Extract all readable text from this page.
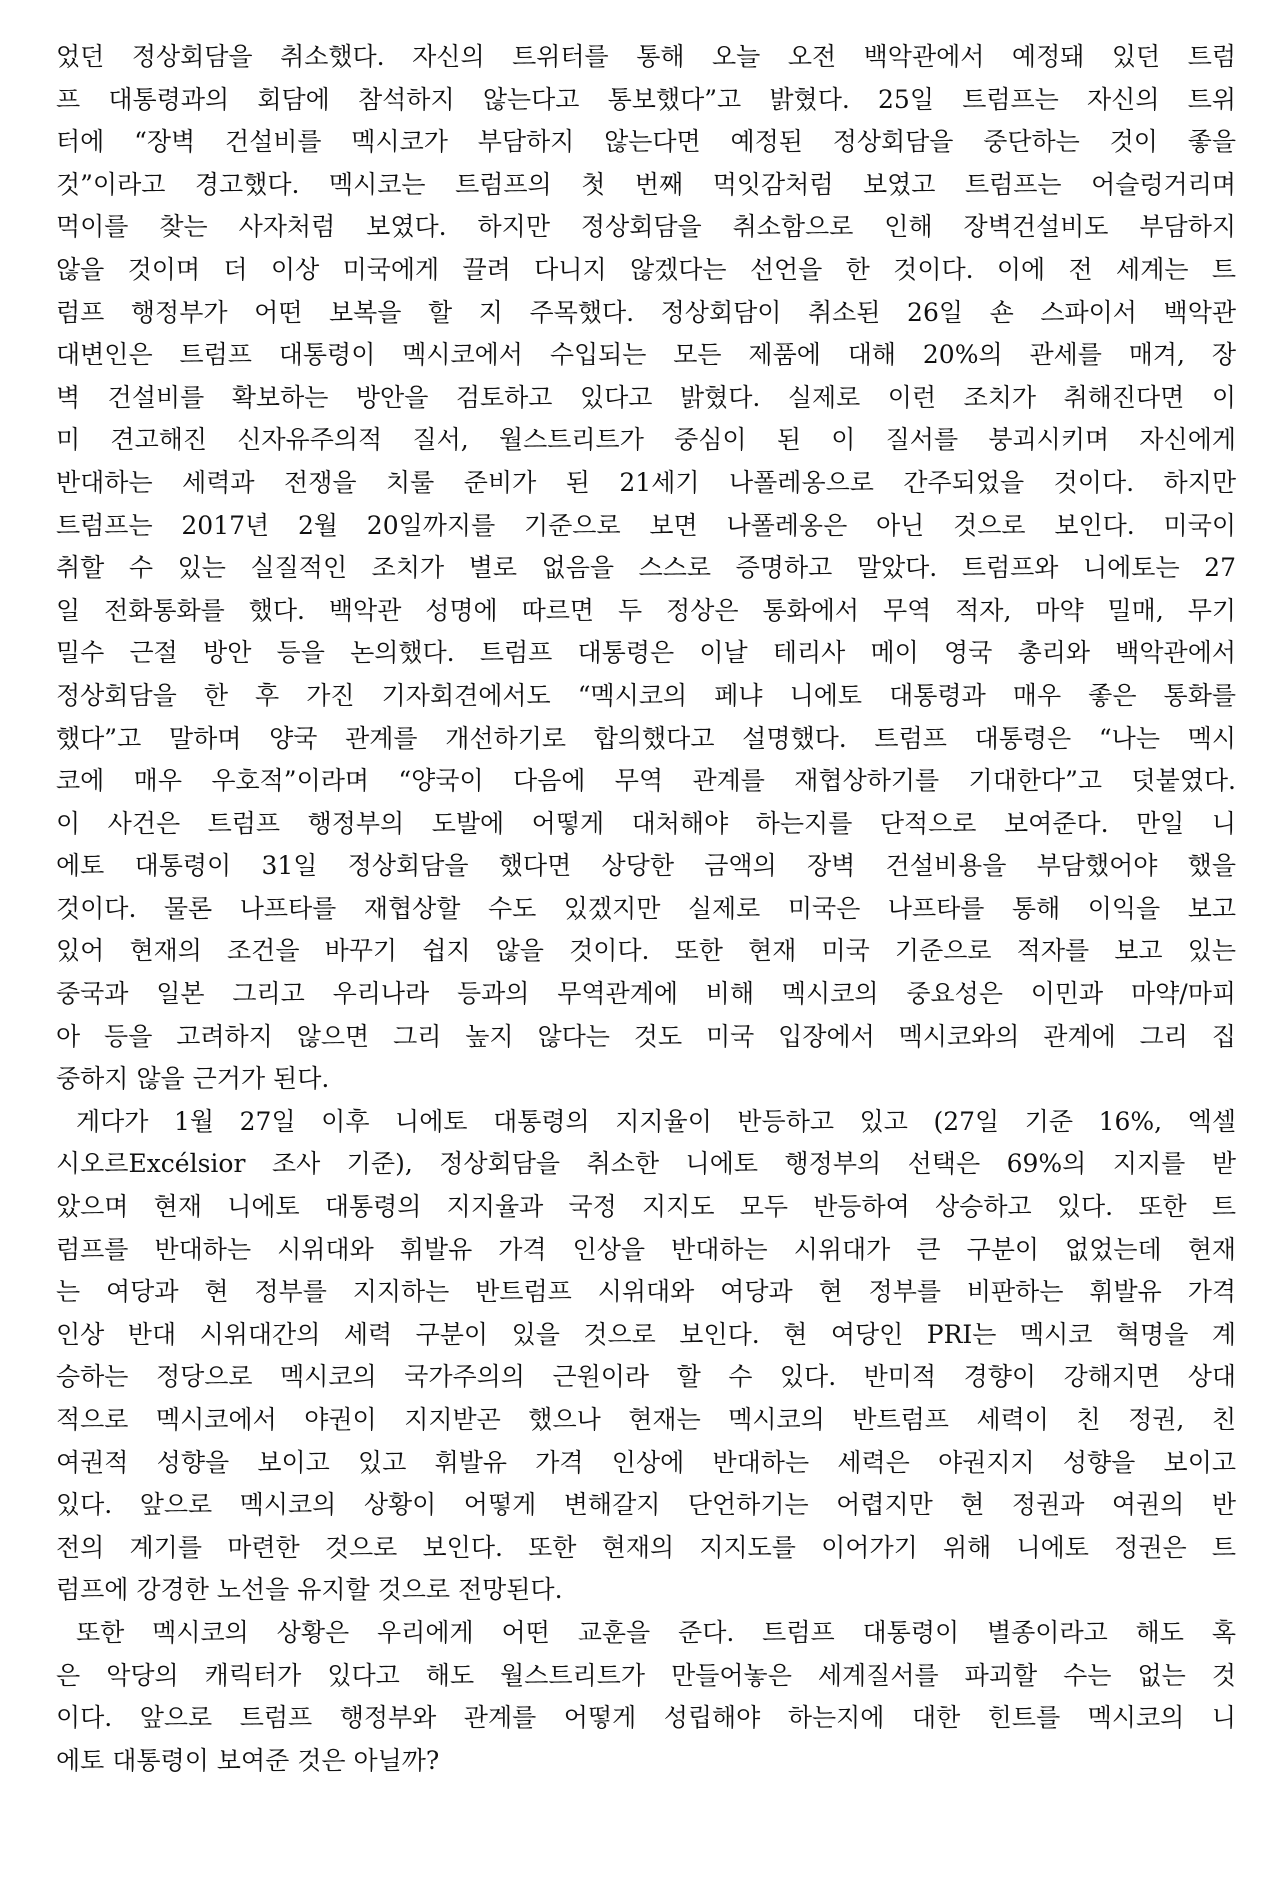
었던 정상회담을 취소했다. 자신의 트위터를 통해 오늘 오전 백악관에서 예정돼 있던 트럼
프 대통령과의 회담에 참석하지 않는다고 통보했다”고 밝혔다. 25일 트럼프는 자신의 트위
터에 “장벽 건설비를 멕시코가 부담하지 않는다면 예정된 정상회담을 중단하는 것이 좋을
것”이라고 경고했다. 멕시코는 트럼프의 첫 번째 먹잇감처럼 보였고 트럼프는 어슬렁거리며
먹이를 찾는 사자처럼 보였다. 하지만 정상회담을 취소함으로 인해 장벽건설비도 부담하지
않을 것이며 더 이상 미국에게 끌려 다니지 않겠다는 선언을 한 것이다. 이에 전 세계는 트
럼프 행정부가 어떤 보복을 할 지 주목했다. 정상회담이 취소된 26일 숀 스파이서 백악관
대변인은 트럼프 대통령이 멕시코에서 수입되는 모든 제품에 대해 20%의 관세를 매겨, 장
벽 건설비를 확보하는 방안을 검토하고 있다고 밝혔다. 실제로 이런 조치가 취해진다면 이
미 견고해진 신자유주의적 질서, 월스트리트가 중심이 된 이 질서를 붕괴시키며 자신에게
반대하는 세력과 전쟁을 치룰 준비가 된 21세기 나폴레옹으로 간주되었을 것이다. 하지만
트럼프는 2017년 2월 20일까지를 기준으로 보면 나폴레옹은 아닌 것으로 보인다. 미국이
취할 수 있는 실질적인 조치가 별로 없음을 스스로 증명하고 말았다. 트럼프와 니에토는 27
일 전화통화를 했다. 백악관 성명에 따르면 두 정상은 통화에서 무역 적자, 마약 밀매, 무기
밀수 근절 방안 등을 논의했다. 트럼프 대통령은 이날 테리사 메이 영국 총리와 백악관에서
정상회담을 한 후 가진 기자회견에서도 “멕시코의 페냐 니에토 대통령과 매우 좋은 통화를
했다”고 말하며 양국 관계를 개선하기로 합의했다고 설명했다. 트럼프 대통령은 “나는 멕시
코에 매우 우호적”이라며 “양국이 다음에 무역 관계를 재협상하기를 기대한다”고 덧붙였다.
이 사건은 트럼프 행정부의 도발에 어떻게 대처해야 하는지를 단적으로 보여준다. 만일 니
에토 대통령이 31일 정상회담을 했다면 상당한 금액의 장벽 건설비용을 부담했어야 했을
것이다. 물론 나프타를 재협상할 수도 있겠지만 실제로 미국은 나프타를 통해 이익을 보고
있어 현재의 조건을 바꾸기 쉽지 않을 것이다. 또한 현재 미국 기준으로 적자를 보고 있는
중국과 일본 그리고 우리나라 등과의 무역관계에 비해 멕시코의 중요성은 이민과 마약/마피
아 등을 고려하지 않으면 그리 높지 않다는 것도 미국 입장에서 멕시코와의 관계에 그리 집
중하지 않을 근거가 된다.
게다가 1월 27일 이후 니에토 대통령의 지지율이 반등하고 있고 (27일 기준 16%, 엑셀
시오르Excélsior 조사 기준), 정상회담을 취소한 니에토 행정부의 선택은 69%의 지지를 받
았으며 현재 니에토 대통령의 지지율과 국정 지지도 모두 반등하여 상승하고 있다. 또한 트
럼프를 반대하는 시위대와 휘발유 가격 인상을 반대하는 시위대가 큰 구분이 없었는데 현재
는 여당과 현 정부를 지지하는 반트럼프 시위대와 여당과 현 정부를 비판하는 휘발유 가격
인상 반대 시위대간의 세력 구분이 있을 것으로 보인다. 현 여당인 PRI는 멕시코 혁명을 계
승하는 정당으로 멕시코의 국가주의의 근원이라 할 수 있다. 반미적 경향이 강해지면 상대
적으로 멕시코에서 야권이 지지받곤 했으나 현재는 멕시코의 반트럼프 세력이 친 정권, 친
여권적 성향을 보이고 있고 휘발유 가격 인상에 반대하는 세력은 야권지지 성향을 보이고
있다. 앞으로 멕시코의 상황이 어떻게 변해갈지 단언하기는 어렵지만 현 정권과 여권의 반
전의 계기를 마련한 것으로 보인다. 또한 현재의 지지도를 이어가기 위해 니에토 정권은 트
럼프에 강경한 노선을 유지할 것으로 전망된다.
또한 멕시코의 상황은 우리에게 어떤 교훈을 준다. 트럼프 대통령이 별종이라고 해도 혹
은 악당의 캐릭터가 있다고 해도 월스트리트가 만들어놓은 세계질서를 파괴할 수는 없는 것
이다. 앞으로 트럼프 행정부와 관계를 어떻게 성립해야 하는지에 대한 힌트를 멕시코의 니
에토 대통령이 보여준 것은 아닐까?
